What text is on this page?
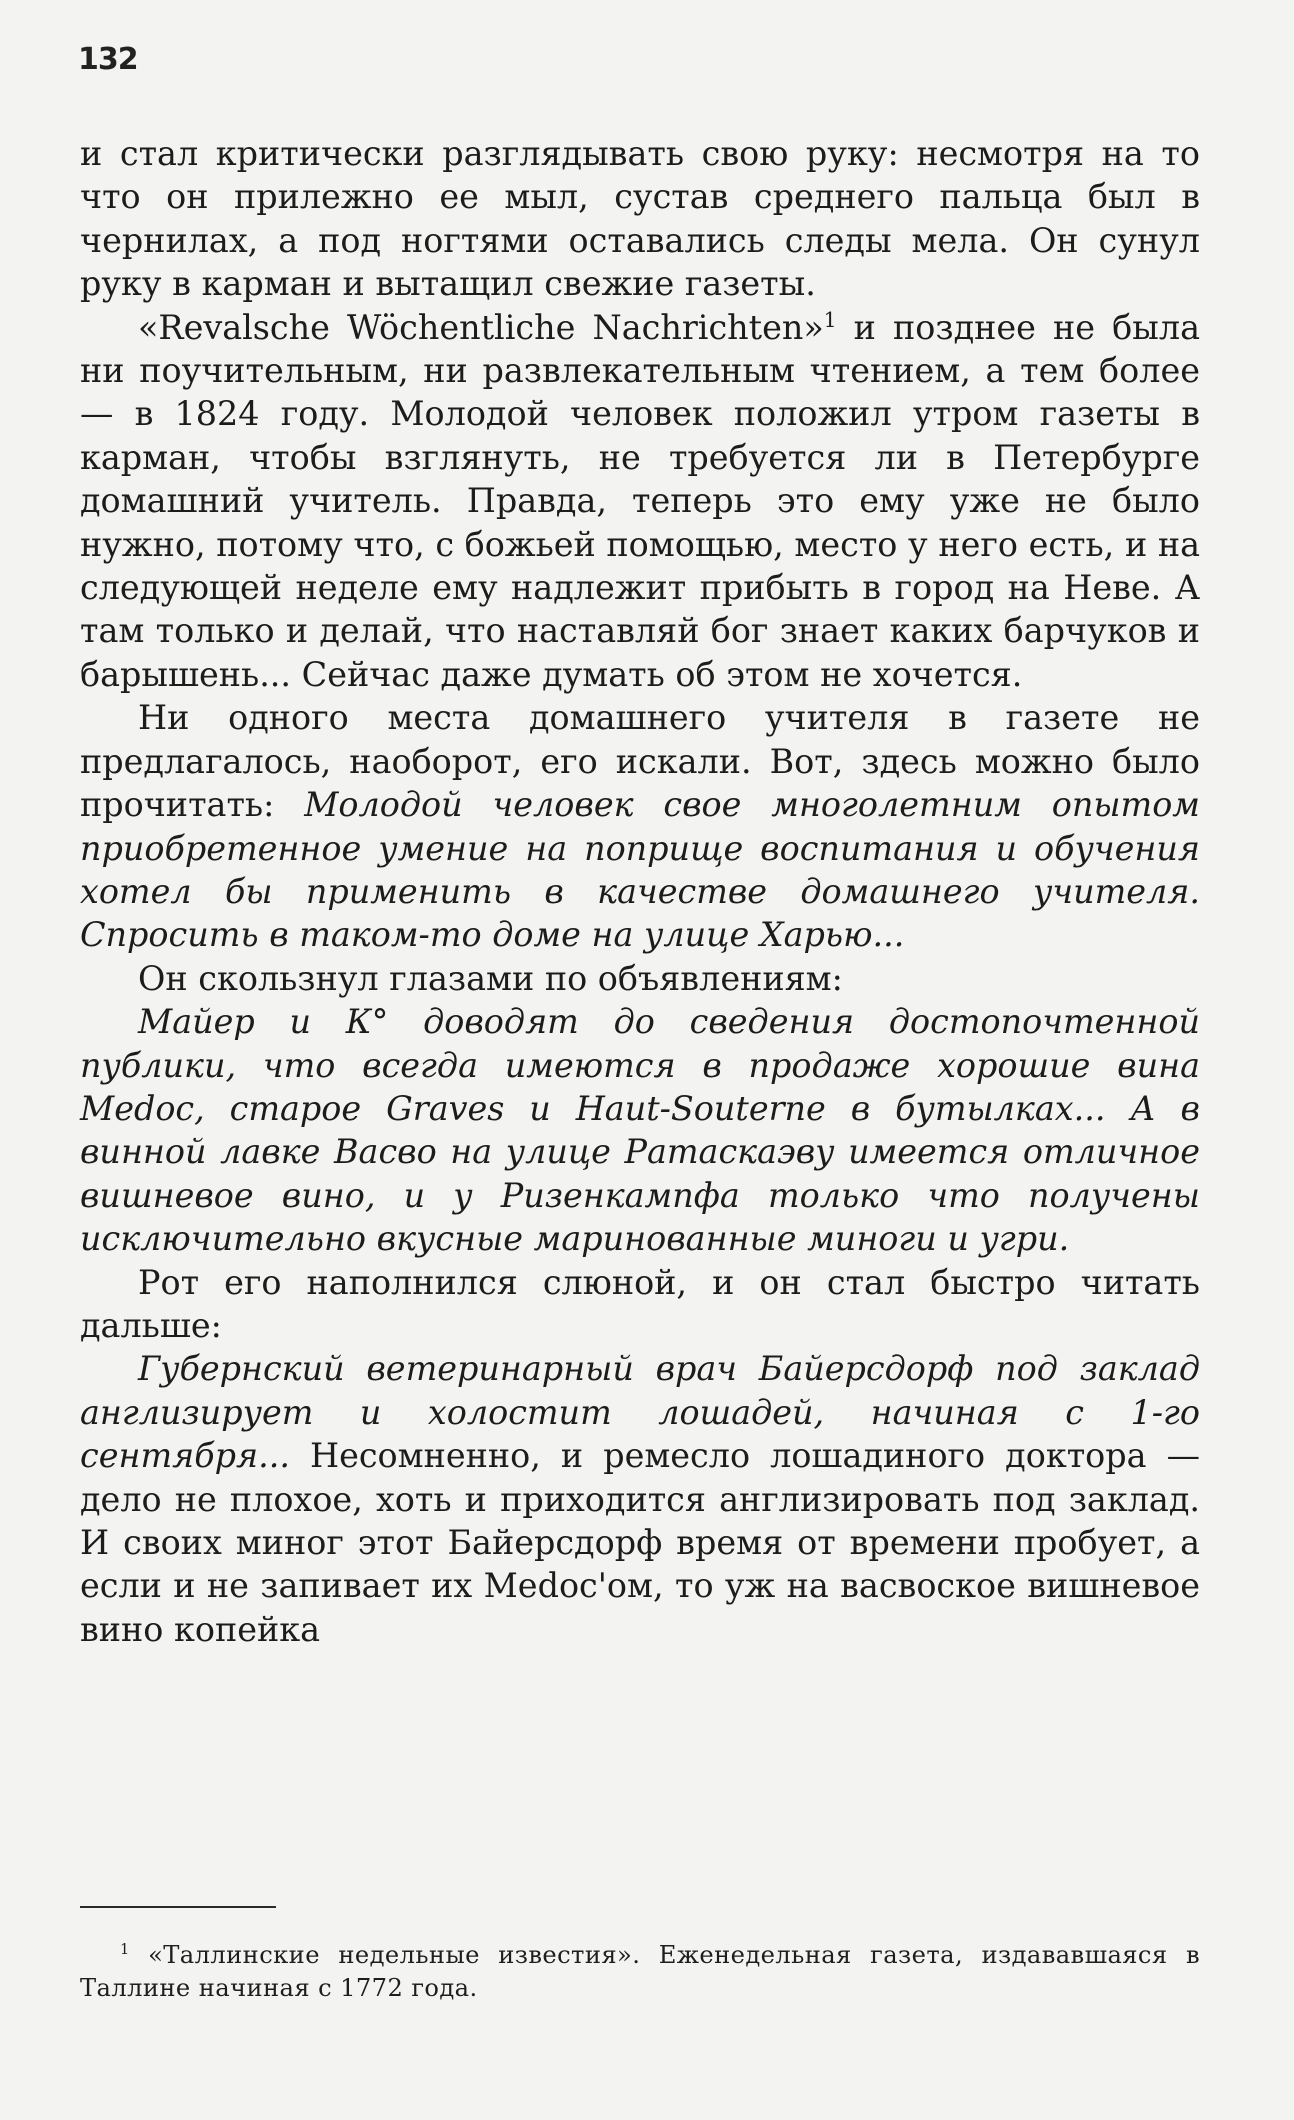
132

и стал критически разглядывать свою руку: несмотря на то что он прилежно ее мыл, сустав среднего пальца был в чернилах, а под ногтями оставались следы мела. Он сунул руку в карман и вытащил свежие газеты.

«Revalsche Wöchentliche Nachrichten»$^1$ и позднее не была ни поучительным, ни развлекательным чтением, а тем более — в 1824 году. Молодой человек положил утром газеты в карман, чтобы взглянуть, не требуется ли в Петербурге домашний учитель. Правда, теперь это ему уже не было нужно, потому что, с божьей помощью, место у него есть, и на следующей неделе ему надлежит прибыть в город на Неве. А там только и делай, что наставляй бог знает каких барчуков и барышень... Сейчас даже думать об этом не хочется.

Ни одного места домашнего учителя в газете не предлагалось, наоборот, его искали. Вот, здесь можно было прочитать: Молодой человек свое многолетним опытом приобретенное умение на поприще воспитания и обучения хотел бы применить в качестве домашнего учителя. Спросить в таком-то доме на улице Харью...

Он скользнул глазами по объявлениям:

Майер и К° доводят до сведения достопочтенной публики, что всегда имеются в продаже хорошие вина Medoc, старое Graves и Haut-Souterne в бутылках... А в винной лавке Васво на улице Ратаскаэву имеется отличное вишневое вино, и у Ризенкампфа только что получены исключительно вкусные маринованные миноги и угри.

Рот его наполнился слюной, и он стал быстро читать дальше:

Губернский ветеринарный врач Байерсдорф под заклад англизирует и холостит лошадей, начиная с 1-го сентября... Несомненно, и ремесло лошадиного доктора — дело не плохое, хоть и приходится англизировать под заклад. И своих миног этот Байерсдорф время от времени пробует, а если и не запивает их Medoc'ом, то уж на васвоское вишневое вино копейка

$^1$ «Таллинские недельные известия». Еженедельная газета, издававшаяся в Таллине начиная с 1772 года.
